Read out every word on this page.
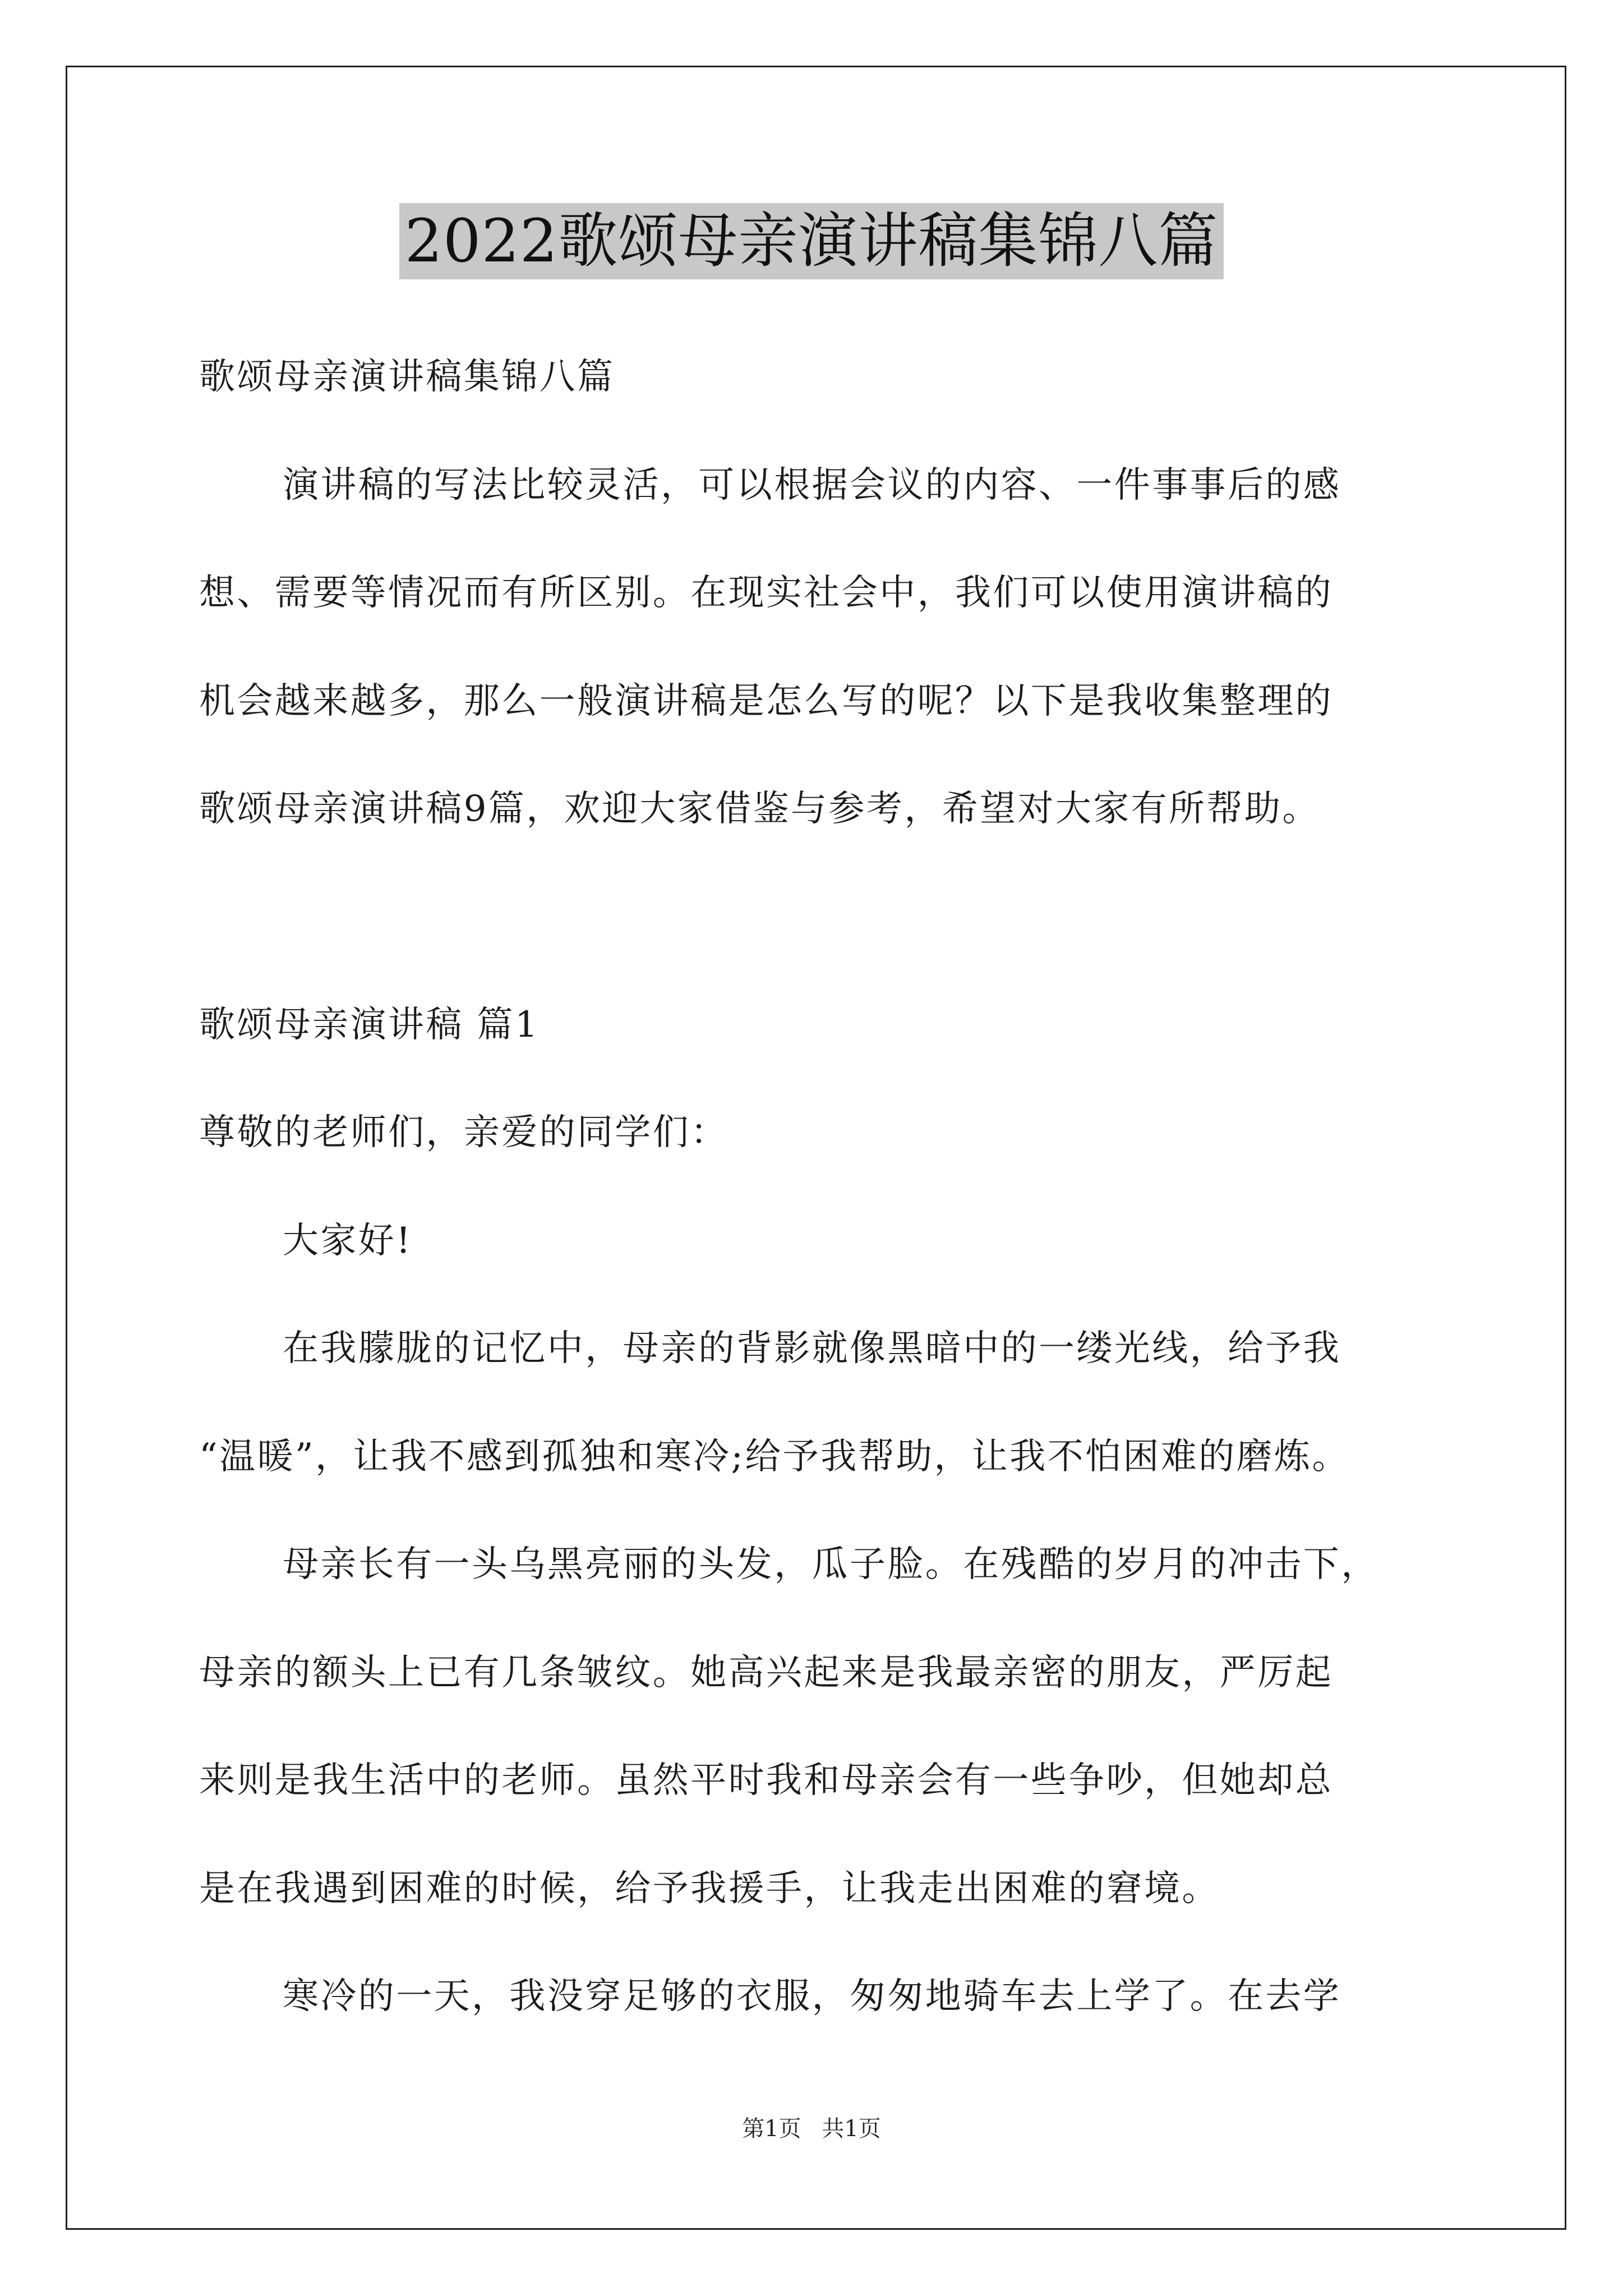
2022歌颂母亲演讲稿集锦八篇
歌颂母亲演讲稿集锦八篇
演讲稿的写法比较灵活，可以根据会议的内容、一件事事后的感
想、需要等情况而有所区别。在现实社会中，我们可以使用演讲稿的
机会越来越多，那么一般演讲稿是怎么写的呢？以下是我收集整理的
歌颂母亲演讲稿9篇，欢迎大家借鉴与参考，希望对大家有所帮助。
歌颂母亲演讲稿 篇1
尊敬的老师们，亲爱的同学们：
大家好!
在我朦胧的记忆中，母亲的背影就像黑暗中的一缕光线，给予我
“温暖”，让我不感到孤独和寒冷;给予我帮助，让我不怕困难的磨炼。
母亲长有一头乌黑亮丽的头发，瓜子脸。在残酷的岁月的冲击下，
母亲的额头上已有几条皱纹。她高兴起来是我最亲密的朋友，严厉起
来则是我生活中的老师。虽然平时我和母亲会有一些争吵，但她却总
是在我遇到困难的时候，给予我援手，让我走出困难的窘境。
寒冷的一天，我没穿足够的衣服，匆匆地骑车去上学了。在去学
第1页 共1页
